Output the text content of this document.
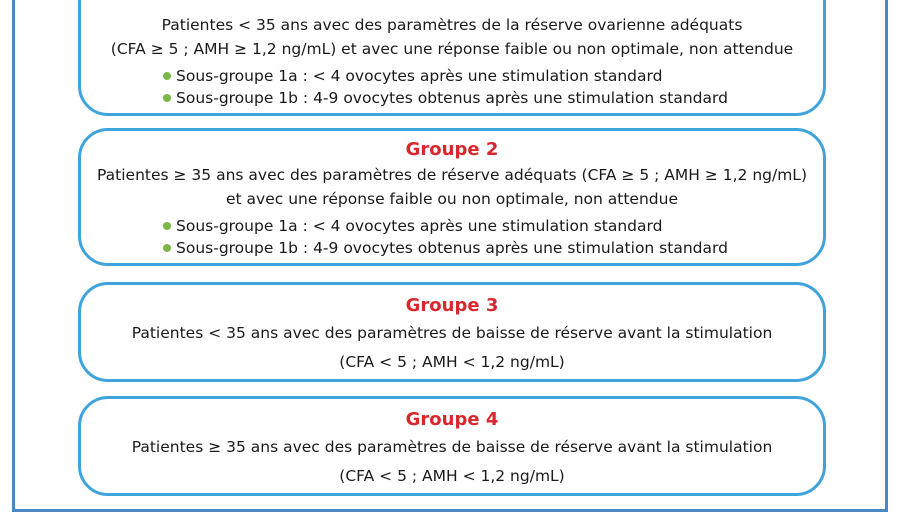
Patientes < 35 ans avec des paramètres de la réserve ovarienne adéquats
(CFA ≥ 5 ; AMH ≥ 1,2 ng/mL) et avec une réponse faible ou non optimale, non attendue
Sous-groupe 1a : < 4 ovocytes après une stimulation standard
Sous-groupe 1b : 4-9 ovocytes obtenus après une stimulation standard
Groupe 2
Patientes ≥ 35 ans avec des paramètres de réserve adéquats (CFA ≥ 5 ; AMH ≥ 1,2 ng/mL)
et avec une réponse faible ou non optimale, non attendue
Sous-groupe 1a : < 4 ovocytes après une stimulation standard
Sous-groupe 1b : 4-9 ovocytes obtenus après une stimulation standard
Groupe 3
Patientes < 35 ans avec des paramètres de baisse de réserve avant la stimulation
(CFA < 5 ; AMH < 1,2 ng/mL)
Groupe 4
Patientes ≥ 35 ans avec des paramètres de baisse de réserve avant la stimulation
(CFA < 5 ; AMH < 1,2 ng/mL)
